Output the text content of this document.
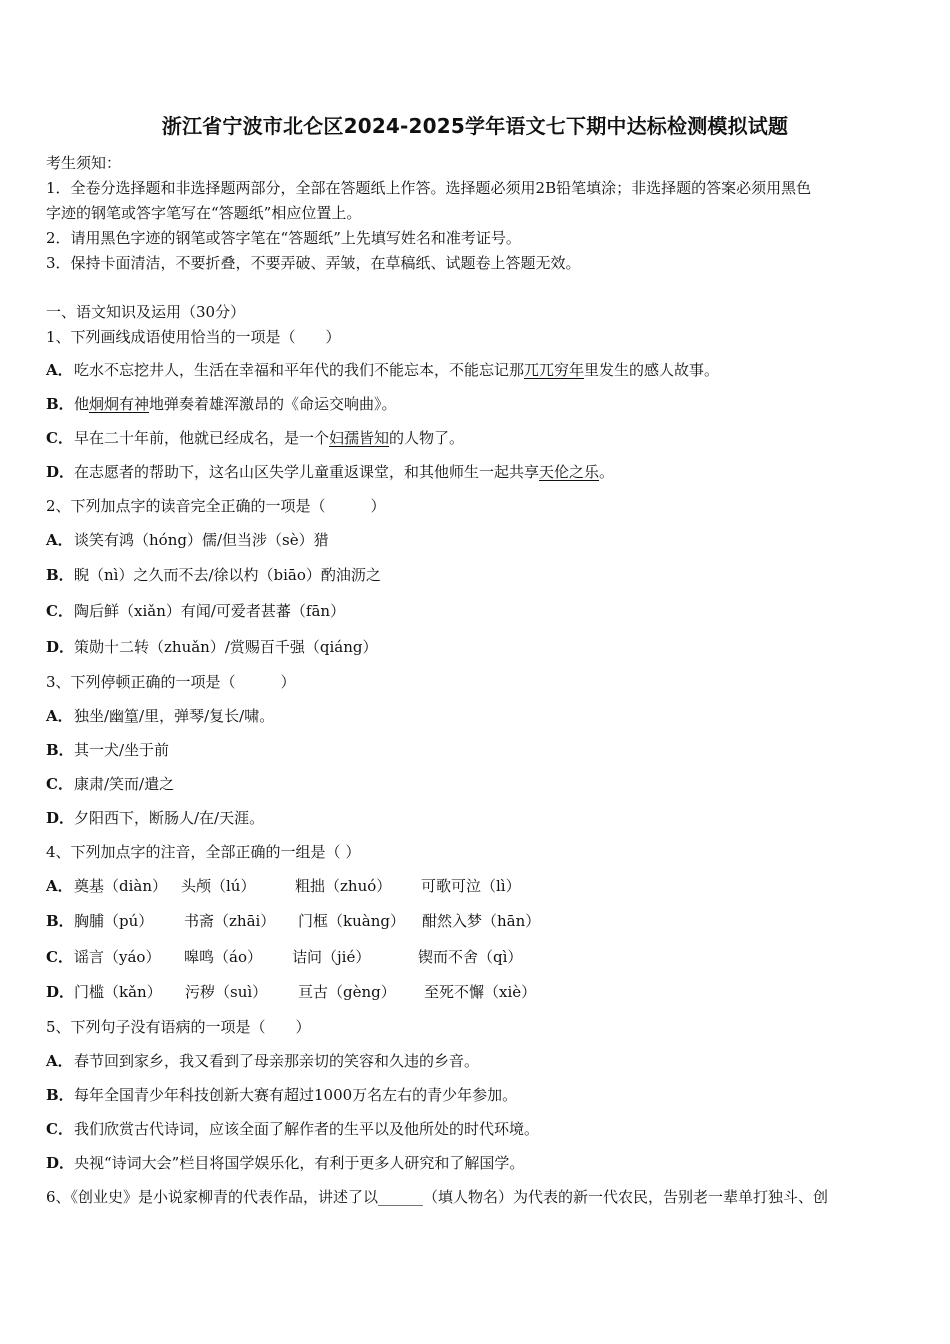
浙江省宁波市北仑区2024-2025学年语文七下期中达标检测模拟试题
考生须知：
1．全卷分选择题和非选择题两部分，全部在答题纸上作答。选择题必须用2B铅笔填涂；非选择题的答案必须用黑色
字迹的钢笔或答字笔写在“答题纸”相应位置上。
2．请用黑色字迹的钢笔或答字笔在“答题纸”上先填写姓名和准考证号。
3．保持卡面清洁，不要折叠，不要弄破、弄皱，在草稿纸、试题卷上答题无效。
一、语文知识及运用（30分）
1、下列画线成语使用恰当的一项是（　　）
A．吃水不忘挖井人，生活在幸福和平年代的我们不能忘本，不能忘记那兀兀穷年里发生的感人故事。
B．他炯炯有神地弹奏着雄浑激昂的《命运交响曲》。
C．早在二十年前，他就已经成名，是一个妇孺皆知的人物了。
D．在志愿者的帮助下，这名山区失学儿童重返课堂，和其他师生一起共享天伦之乐。
2、下列加点字的读音完全正确的一项是（　　　）
A．谈笑有鸿（hóng）儒/但当涉（sè）猎
B．睨（nì）之久而不去/徐以杓（biāo）酌油沥之
C．陶后鲜（xiǎn）有闻/可爱者甚蕃（fān）
D．策勋十二转（zhuǎn）/赏赐百千强（qiáng）
3、下列停顿正确的一项是（　　　）
A．独坐/幽篁/里，弹琴/复长/啸。
B．其一犬/坐于前
C．康肃/笑而/遣之
D．夕阳西下，断肠人/在/天涯。
4、下列加点字的注音，全部正确的一组是（ ）
A．奠基（diàn） 头颅（lú）	粗拙（zhuó） 可歌可泣（lì）
B．胸脯（pú） 书斋（zhāi） 门框（kuàng） 酣然入梦（hān）
C．谣言（yáo） 嗥鸣（áo） 诘问（jié）	锲而不舍（qì）
D．门槛（kǎn） 污秽（suì） 亘古（gèng） 至死不懈（xiè）
5、下列句子没有语病的一项是（　　）
A．春节回到家乡，我又看到了母亲那亲切的笑容和久违的乡音。
B．每年全国青少年科技创新大赛有超过1000万名左右的青少年参加。
C．我们欣赏古代诗词，应该全面了解作者的生平以及他所处的时代环境。
D．央视“诗词大会”栏目将国学娱乐化，有利于更多人研究和了解国学。
6、《创业史》是小说家柳青的代表作品，讲述了以______（填人物名）为代表的新一代农民，告别老一辈单打独斗、创
